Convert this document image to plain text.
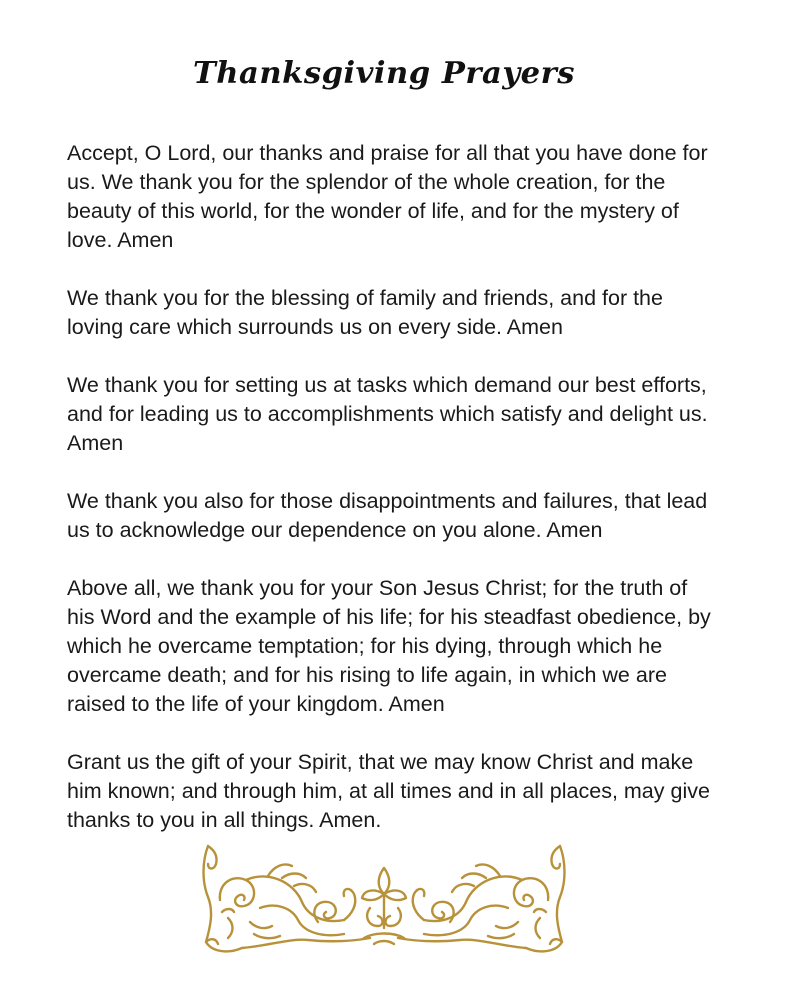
Thanksgiving Prayers

Accept, O Lord, our thanks and praise for all that you have done for us. We thank you for the splendor of the whole creation, for the beauty of this world, for the wonder of life, and for the mystery of love. Amen

We thank you for the blessing of family and friends, and for the loving care which surrounds us on every side. Amen

We thank you for setting us at tasks which demand our best efforts, and for leading us to accomplishments which satisfy and delight us. Amen

We thank you also for those disappointments and failures, that lead us to acknowledge our dependence on you alone. Amen

Above all, we thank you for your Son Jesus Christ; for the truth of his Word and the example of his life; for his steadfast obedience, by which he overcame temptation; for his dying, through which he overcame death; and for his rising to life again, in which we are raised to the life of your kingdom. Amen

Grant us the gift of your Spirit, that we may know Christ and make him known; and through him, at all times and in all places, may give thanks to you in all things. Amen.
